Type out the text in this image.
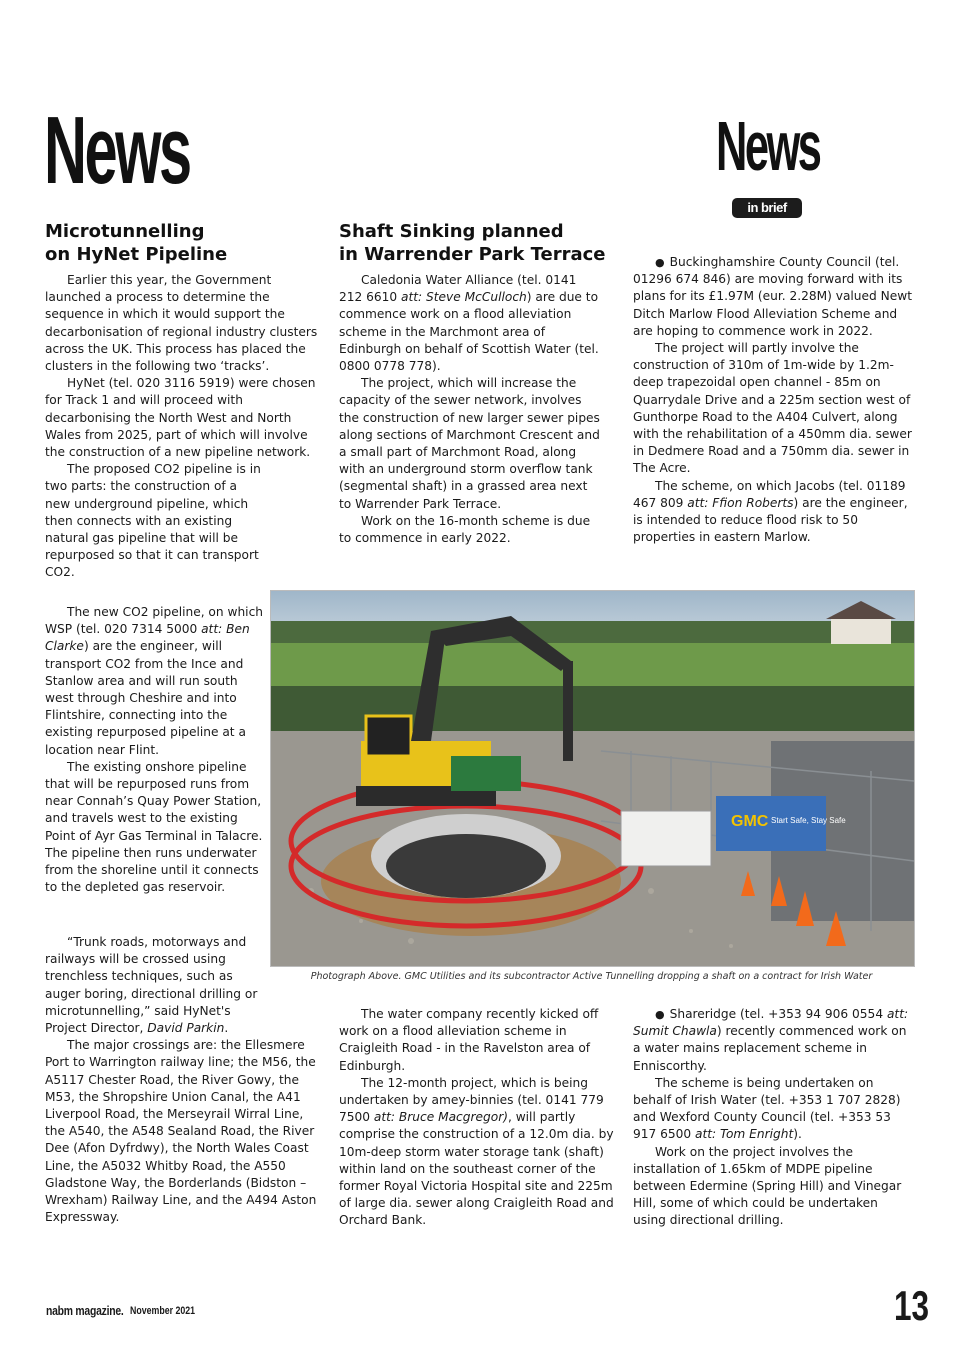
News	News
in brief
Microtunnelling
on HyNet Pipeline

Earlier this year, the Government launched a process to determine the sequence in which it would support the decarbonisation of regional industry clusters across the UK. This process has placed the clusters in the following two ‘tracks’.

HyNet (tel. 020 3116 5919) were chosen for Track 1 and will proceed with decarbonising the North West and North Wales from 2025, part of which will involve the construction of a new pipeline network.

The proposed CO2 pipeline is in two parts: the construction of a new underground pipeline, which then connects with an existing natural gas pipeline that will be repurposed so that it can transport CO2.

The new CO2 pipeline, on which WSP (tel. 020 7314 5000 att: Ben Clarke) are the engineer, will transport CO2 from the Ince and Stanlow area and will run south west through Cheshire and into Flintshire, connecting into the existing repurposed pipeline at a location near Flint.

The existing onshore pipeline that will be repurposed runs from near Connah’s Quay Power Station, and travels west to the existing Point of Ayr Gas Terminal in Talacre. The pipeline then runs underwater from the shoreline until it connects to the depleted gas reservoir.

“Trunk roads, motorways and railways will be crossed using trenchless techniques, such as auger boring, directional drilling or microtunnelling,” said HyNet's Project Director, David Parkin.

The major crossings are: the Ellesmere Port to Warrington railway line; the M56, the A5117 Chester Road, the River Gowy, the M53, the Shropshire Union Canal, the A41 Liverpool Road, the Merseyrail Wirral Line, the A540, the A548 Sealand Road, the River Dee (Afon Dyfrdwy), the North Wales Coast Line, the A5032 Whitby Road, the A550 Gladstone Way, the Borderlands (Bidston – Wrexham) Railway Line, and the A494 Aston Expressway.

Shaft Sinking planned
in Warrender Park Terrace

Caledonia Water Alliance (tel. 0141 212 6610 att: Steve McCulloch) are due to commence work on a flood alleviation scheme in the Marchmont area of Edinburgh on behalf of Scottish Water (tel. 0800 0778 778).

The project, which will increase the capacity of the sewer network, involves the construction of new larger sewer pipes along sections of Marchmont Crescent and a small part of Marchmont Road, along with an underground storm overflow tank (segmental shaft) in a grassed area next to Warrender Park Terrace.

Work on the 16-month scheme is due to commence in early 2022.

● Buckinghamshire County Council (tel. 01296 674 846) are moving forward with its plans for its £1.97M (eur. 2.28M) valued Newt Ditch Marlow Flood Alleviation Scheme and are hoping to commence work in 2022.

The project will partly involve the construction of 310m of 1m-wide by 1.2m-deep trapezoidal open channel - 85m on Quarrydale Drive and a 225m section west of Gunthorpe Road to the A404 Culvert, along with the rehabilitation of a 450mm dia. sewer in Dedmere Road and a 750mm dia. sewer in The Acre.

The scheme, on which Jacobs (tel. 01189 467 809 att: Ffion Roberts) are the engineer, is intended to reduce flood risk to 50 properties in eastern Marlow.

GMC Start Safe, Stay Safe
Photograph Above. GMC Utilities and its subcontractor Active Tunnelling dropping a shaft on a contract for Irish Water

The water company recently kicked off work on a flood alleviation scheme in Craigleith Road - in the Ravelston area of Edinburgh.

The 12-month project, which is being undertaken by amey-binnies (tel. 0141 779 7500 att: Bruce Macgregor), will partly comprise the construction of a 12.0m dia. by 10m-deep storm water storage tank (shaft) within land on the southeast corner of the former Royal Victoria Hospital site and 225m of large dia. sewer along Craigleith Road and Orchard Bank.

● Shareridge (tel. +353 94 906 0554 att: Sumit Chawla) recently commenced work on a water mains replacement scheme in Enniscorthy.

The scheme is being undertaken on behalf of Irish Water (tel. +353 1 707 2828) and Wexford County Council (tel. +353 53 917 6500 att: Tom Enright).

Work on the project involves the installation of 1.65km of MDPE pipeline between Edermine (Spring Hill) and Vinegar Hill, some of which could be undertaken using directional drilling.

nabm magazine. November 2021	13
